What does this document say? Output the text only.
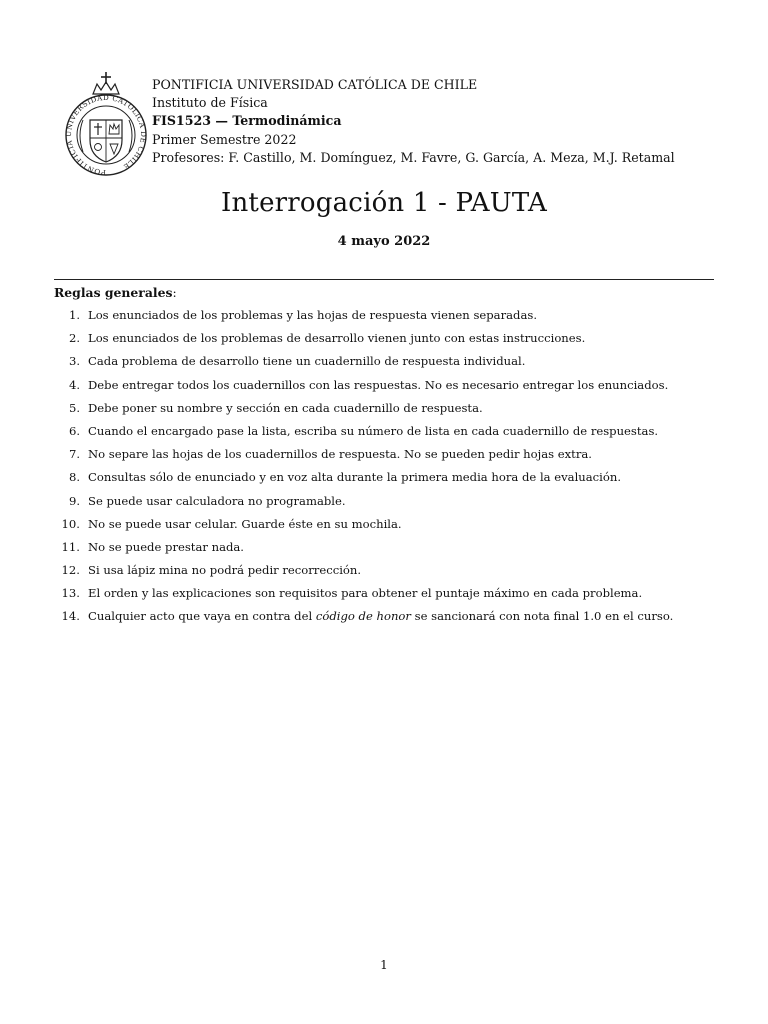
PONTIFICIA UNIVERSIDAD CATOLICA DE CHILE
PONTIFICIA UNIVERSIDAD CATÓLICA DE CHILE
Instituto de Física
FIS1523 — Termodinámica
Primer Semestre 2022
Profesores: F. Castillo, M. Domínguez, M. Favre, G. García, A. Meza, M.J. Retamal
Interrogación 1 - PAUTA
4 mayo 2022
Reglas generales:
1. Los enunciados de los problemas y las hojas de respuesta vienen separadas.
2. Los enunciados de los problemas de desarrollo vienen junto con estas instrucciones.
3. Cada problema de desarrollo tiene un cuadernillo de respuesta individual.
4. Debe entregar todos los cuadernillos con las respuestas. No es necesario entregar los enunciados.
5. Debe poner su nombre y sección en cada cuadernillo de respuesta.
6. Cuando el encargado pase la lista, escriba su número de lista en cada cuadernillo de respuestas.
7. No separe las hojas de los cuadernillos de respuesta. No se pueden pedir hojas extra.
8. Consultas sólo de enunciado y en voz alta durante la primera media hora de la evaluación.
9. Se puede usar calculadora no programable.
10. No se puede usar celular. Guarde éste en su mochila.
11. No se puede prestar nada.
12. Si usa lápiz mina no podrá pedir recorrección.
13. El orden y las explicaciones son requisitos para obtener el puntaje máximo en cada problema.
14. Cualquier acto que vaya en contra del código de honor se sancionará con nota final 1.0 en el curso.
1
